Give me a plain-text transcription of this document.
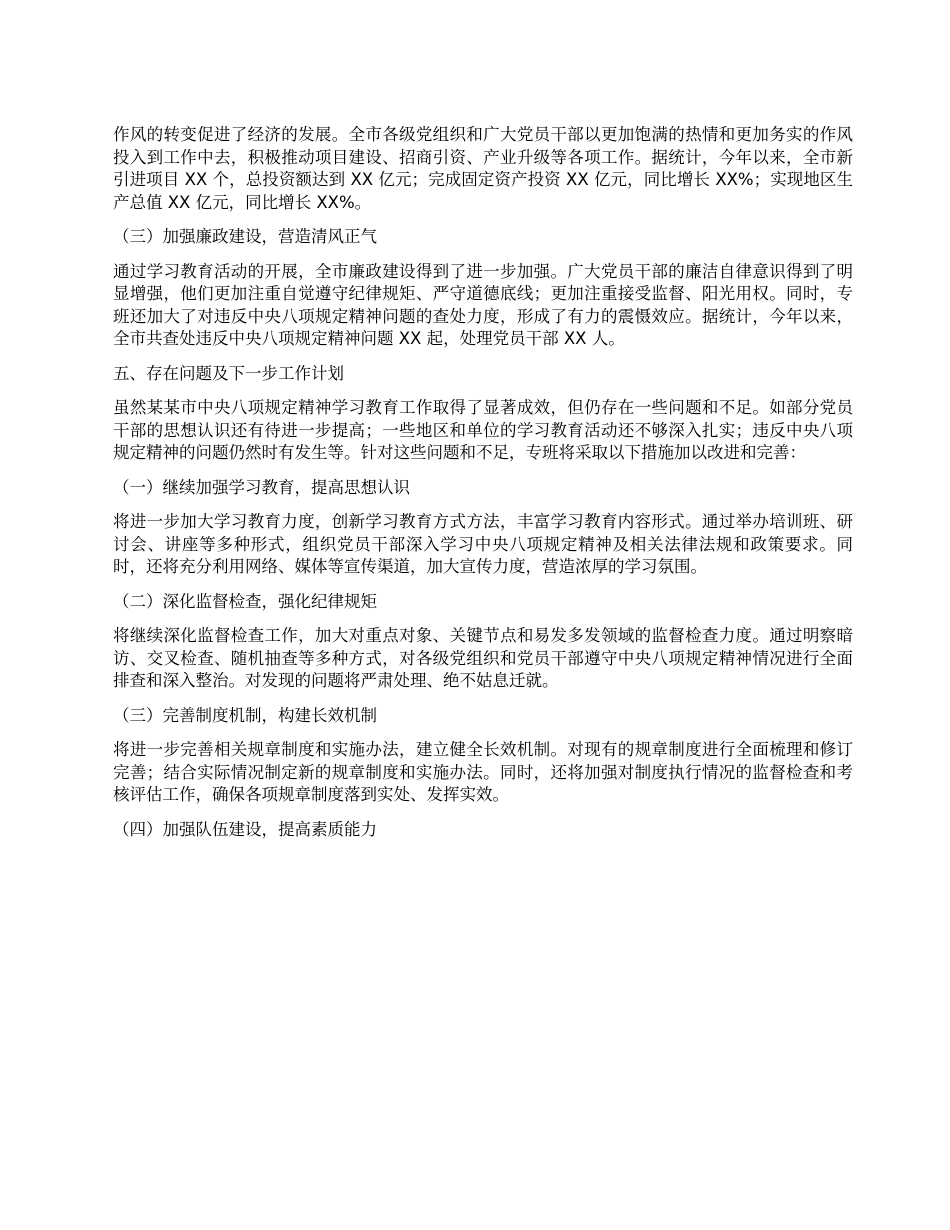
作风的转变促进了经济的发展。全市各级党组织和广大党员干部以更加饱满的热情和更加务实的作风投入到工作中去，积极推动项目建设、招商引资、产业升级等各项工作。据统计，今年以来，全市新引进项目 XX 个，总投资额达到 XX 亿元；完成固定资产投资 XX 亿元，同比增长 XX%；实现地区生产总值 XX 亿元，同比增长 XX%。

（三）加强廉政建设，营造清风正气

通过学习教育活动的开展，全市廉政建设得到了进一步加强。广大党员干部的廉洁自律意识得到了明显增强，他们更加注重自觉遵守纪律规矩、严守道德底线；更加注重接受监督、阳光用权。同时，专班还加大了对违反中央八项规定精神问题的查处力度，形成了有力的震慑效应。据统计，今年以来，全市共查处违反中央八项规定精神问题 XX 起，处理党员干部 XX 人。

五、存在问题及下一步工作计划

虽然某某市中央八项规定精神学习教育工作取得了显著成效，但仍存在一些问题和不足。如部分党员干部的思想认识还有待进一步提高；一些地区和单位的学习教育活动还不够深入扎实；违反中央八项规定精神的问题仍然时有发生等。针对这些问题和不足，专班将采取以下措施加以改进和完善：

（一）继续加强学习教育，提高思想认识

将进一步加大学习教育力度，创新学习教育方式方法，丰富学习教育内容形式。通过举办培训班、研讨会、讲座等多种形式，组织党员干部深入学习中央八项规定精神及相关法律法规和政策要求。同时，还将充分利用网络、媒体等宣传渠道，加大宣传力度，营造浓厚的学习氛围。

（二）深化监督检查，强化纪律规矩

将继续深化监督检查工作，加大对重点对象、关键节点和易发多发领域的监督检查力度。通过明察暗访、交叉检查、随机抽查等多种方式，对各级党组织和党员干部遵守中央八项规定精神情况进行全面排查和深入整治。对发现的问题将严肃处理、绝不姑息迁就。

（三）完善制度机制，构建长效机制

将进一步完善相关规章制度和实施办法，建立健全长效机制。对现有的规章制度进行全面梳理和修订完善；结合实际情况制定新的规章制度和实施办法。同时，还将加强对制度执行情况的监督检查和考核评估工作，确保各项规章制度落到实处、发挥实效。

（四）加强队伍建设，提高素质能力
